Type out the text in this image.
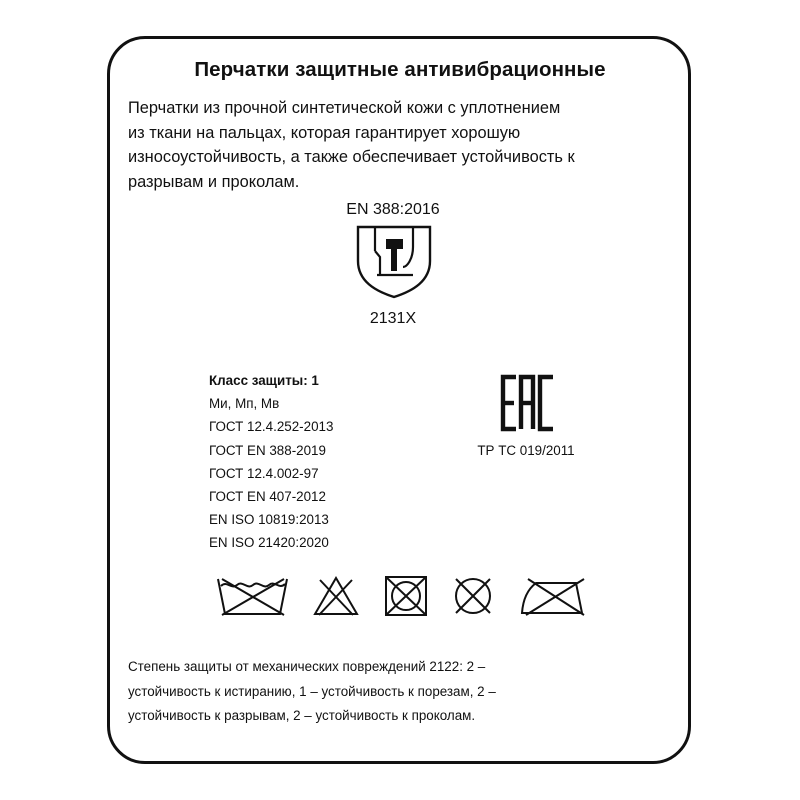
Перчатки защитные антивибрационные
Перчатки из прочной синтетической кожи с уплотнением
из ткани на пальцах, которая гарантирует хорошую
износоустойчивость, а также обеспечивает устойчивость к
разрывам и проколам.
EN 388:2016
2131X
Класс защиты: 1
Ми, Мп, Мв
ГОСТ 12.4.252-2013
ГОСТ EN 388-2019
ГОСТ 12.4.002-97
ГОСТ EN 407-2012
EN ISO 10819:2013
EN ISO 21420:2020
ТР ТС 019/2011
Степень защиты от механических повреждений 2122: 2 –
устойчивость к истиранию, 1 – устойчивость к порезам, 2 –
устойчивость к разрывам, 2 – устойчивость к проколам.
